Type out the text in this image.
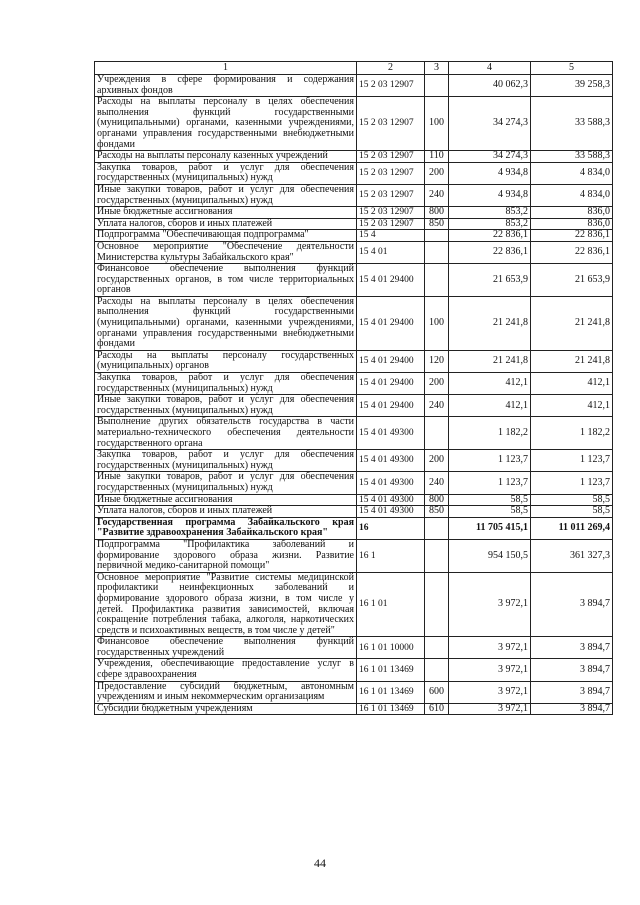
1	2	3	4	5
Учреждения в сфере формирования и содержания архивных фондов	15 2 03 12907		40 062,3	39 258,3
Расходы на выплаты персоналу в целях обеспечения выполнения функций государственными (муниципальными) органами, казенными учреждениями, органами управления государственными внебюджетными фондами	15 2 03 12907	100	34 274,3	33 588,3
Расходы на выплаты персоналу казенных учреждений	15 2 03 12907	110	34 274,3	33 588,3
Закупка товаров, работ и услуг для обеспечения государственных (муниципальных) нужд	15 2 03 12907	200	4 934,8	4 834,0
Иные закупки товаров, работ и услуг для обеспечения государственных (муниципальных) нужд	15 2 03 12907	240	4 934,8	4 834,0
Иные бюджетные ассигнования	15 2 03 12907	800	853,2	836,0
Уплата налогов, сборов и иных платежей	15 2 03 12907	850	853,2	836,0
Подпрограмма "Обеспечивающая подпрограмма"	15 4		22 836,1	22 836,1
Основное мероприятие "Обеспечение деятельности Министерства культуры Забайкальского края"	15 4 01		22 836,1	22 836,1
Финансовое обеспечение выполнения функций государственных органов, в том числе территориальных органов	15 4 01 29400		21 653,9	21 653,9
Расходы на выплаты персоналу в целях обеспечения выполнения функций государственными (муниципальными) органами, казенными учреждениями, органами управления государственными внебюджетными фондами	15 4 01 29400	100	21 241,8	21 241,8
Расходы на выплаты персоналу государственных (муниципальных) органов	15 4 01 29400	120	21 241,8	21 241,8
Закупка товаров, работ и услуг для обеспечения государственных (муниципальных) нужд	15 4 01 29400	200	412,1	412,1
Иные закупки товаров, работ и услуг для обеспечения государственных (муниципальных) нужд	15 4 01 29400	240	412,1	412,1
Выполнение других обязательств государства в части материально-технического обеспечения деятельности государственного органа	15 4 01 49300		1 182,2	1 182,2
Закупка товаров, работ и услуг для обеспечения государственных (муниципальных) нужд	15 4 01 49300	200	1 123,7	1 123,7
Иные закупки товаров, работ и услуг для обеспечения государственных (муниципальных) нужд	15 4 01 49300	240	1 123,7	1 123,7
Иные бюджетные ассигнования	15 4 01 49300	800	58,5	58,5
Уплата налогов, сборов и иных платежей	15 4 01 49300	850	58,5	58,5
Государственная программа Забайкальского края "Развитие здравоохранения Забайкальского края"	16		11 705 415,1	11 011 269,4
Подпрограмма "Профилактика заболеваний и формирование здорового образа жизни. Развитие первичной медико-санитарной помощи"	16 1		954 150,5	361 327,3
Основное мероприятие "Развитие системы медицинской профилактики неинфекционных заболеваний и формирование здорового образа жизни, в том числе у детей. Профилактика развития зависимостей, включая сокращение потребления табака, алкоголя, наркотических средств и психоактивных веществ, в том числе у детей"	16 1 01		3 972,1	3 894,7
Финансовое обеспечение выполнения функций государственных учреждений	16 1 01 10000		3 972,1	3 894,7
Учреждения, обеспечивающие предоставление услуг в сфере здравоохранения	16 1 01 13469		3 972,1	3 894,7
Предоставление субсидий бюджетным, автономным учреждениям и иным некоммерческим организациям	16 1 01 13469	600	3 972,1	3 894,7
Субсидии бюджетным учреждениям	16 1 01 13469	610	3 972,1	3 894,7
44
